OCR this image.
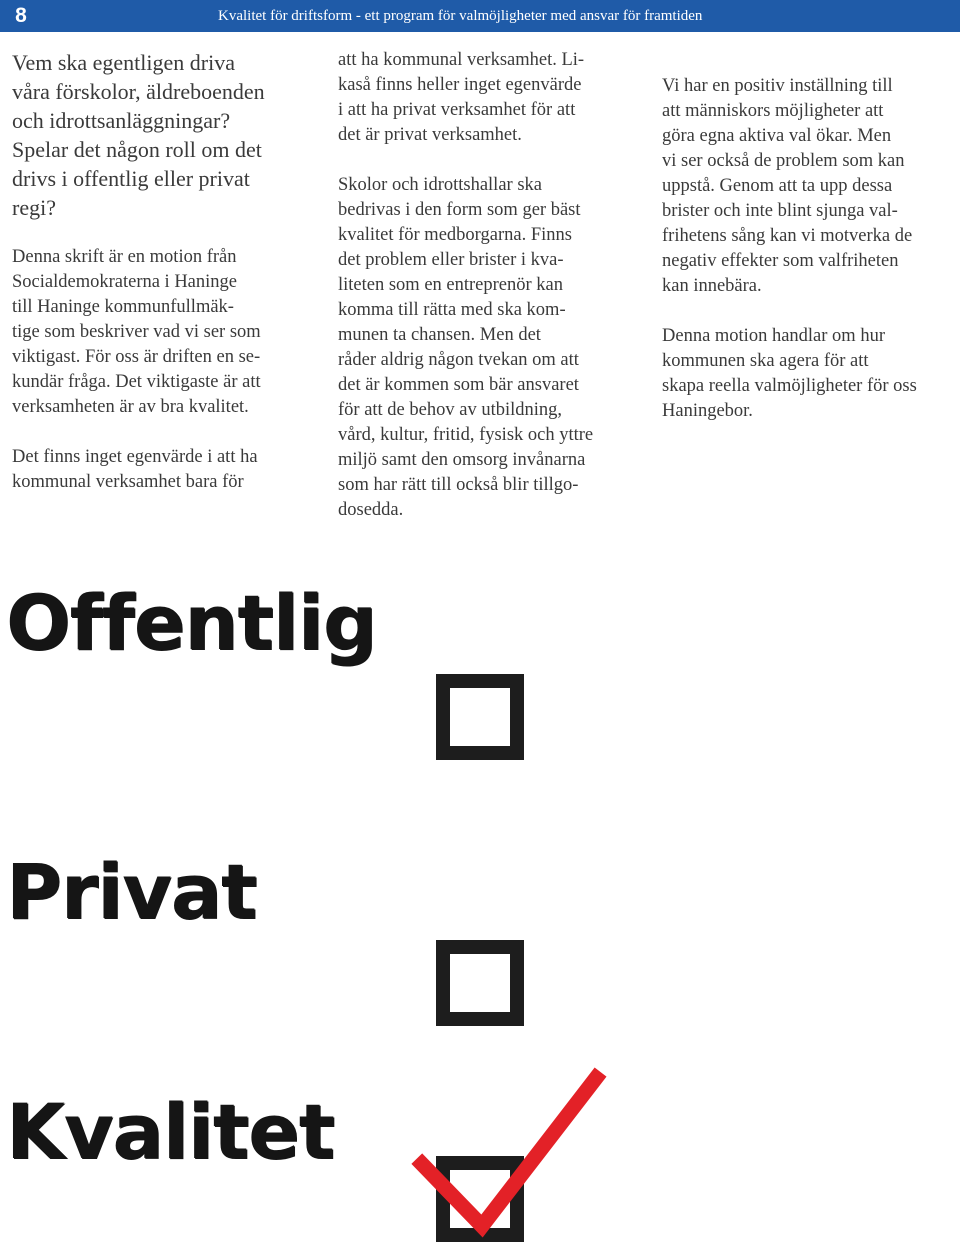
8	Kvalitet för driftsform - ett program för valmöjligheter med ansvar för framtiden

Vem ska egentligen driva
våra förskolor, äldreboenden
och idrottsanläggningar?
Spelar det någon roll om det
drivs i offentlig eller privat
regi?

Denna skrift är en motion från
Socialdemokraterna i Haninge
till Haninge kommunfullmäk-
tige som beskriver vad vi ser som
viktigast. För oss är driften en se-
kundär fråga. Det viktigaste är att
verksamheten är av bra kvalitet.

Det finns inget egenvärde i att ha
kommunal verksamhet bara för

att ha kommunal verksamhet. Li-
kaså finns heller inget egenvärde
i att ha privat verksamhet för att
det är privat verksamhet.

Skolor och idrottshallar ska
bedrivas i den form som ger bäst
kvalitet för medborgarna. Finns
det problem eller brister i kva-
liteten som en entreprenör kan
komma till rätta med ska kom-
munen ta chansen. Men det
råder aldrig någon tvekan om att
det är kommen som bär ansvaret
för att de behov av utbildning,
vård, kultur, fritid, fysisk och yttre
miljö samt den omsorg invånarna
som har rätt till också blir tillgo-
dosedda.

Vi har en positiv inställning till
att människors möjligheter att
göra egna aktiva val ökar. Men
vi ser också de problem som kan
uppstå. Genom att ta upp dessa
brister och inte blint sjunga val-
frihetens sång kan vi motverka de
negativ effekter som valfriheten
kan innebära.

Denna motion handlar om hur
kommunen ska agera för att
skapa reella valmöjligheter för oss
Haningebor.

Offentlig
Privat
Kvalitet
